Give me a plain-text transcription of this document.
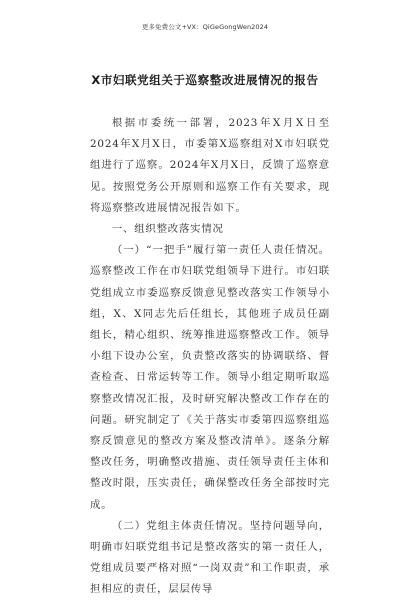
更多免费公文+VX：QiGeGongWen2024
X市妇联党组关于巡察整改进展情况的报告

根据市委统一部署，2023年X月X日至2024年X月X日，市委第X巡察组对X市妇联党组进行了巡察。2024年X月X日，反馈了巡察意见。按照党务公开原则和巡察工作有关要求，现将巡察整改进展情况报告如下。

一、组织整改落实情况

（一）“一把手”履行第一责任人责任情况。巡察整改工作在市妇联党组领导下进行。市妇联党组成立市委巡察反馈意见整改落实工作领导小组，X、X同志先后任组长，其他班子成员任副组长，精心组织、统筹推进巡察整改工作。领导小组下设办公室，负责整改落实的协调联络、督查检查、日常运转等工作。领导小组定期听取巡察整改情况汇报，及时研究解决整改工作存在的问题。研究制定了《关于落实市委第四巡察组巡察反馈意见的整改方案及整改清单》。逐条分解整改任务，明确整改措施、责任领导责任主体和整改时限，压实责任，确保整改任务全部按时完成。

（二）党组主体责任情况。坚持问题导向，明确市妇联党组书记是整改落实的第一责任人，党组成员要严格对照“一岗双责”和工作职责，承担相应的责任，层层传导
